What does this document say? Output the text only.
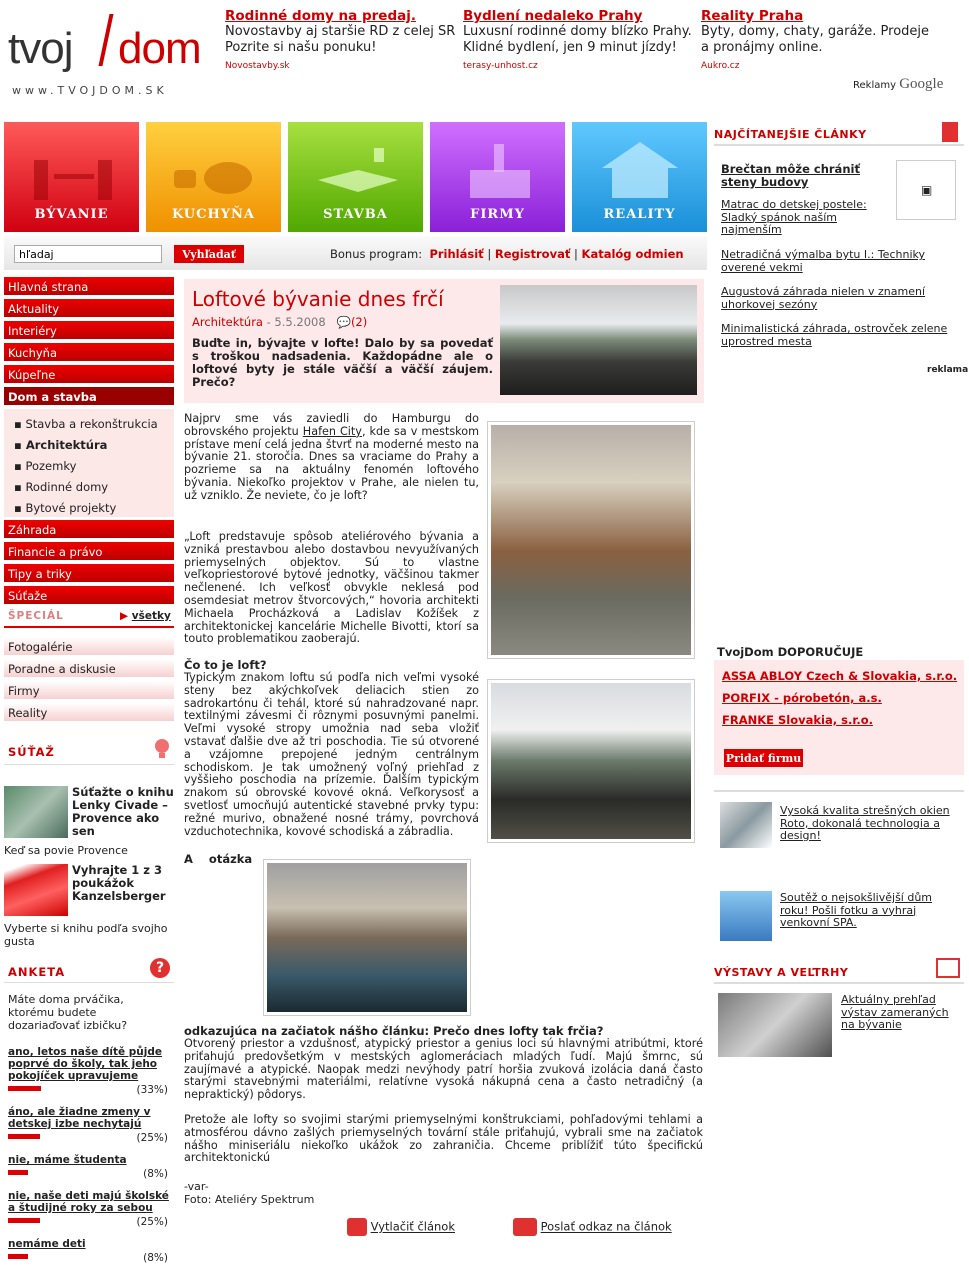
tvoj dom
www.TVOJDOM.SK
Rodinné domy na predaj.
Novostavby aj staršie RD z celej SR
Pozrite si našu ponuku!
Novostavby.sk
Bydlení nedaleko Prahy
Luxusní rodinné domy blízko Prahy.
Klidné bydlení, jen 9 minut jízdy!
terasy-unhost.cz
Reality Praha
Byty, domy, chaty, garáže. Prodeje
a pronájmy online.
Aukro.cz
Reklamy Google
BÝVANIE	KUCHYŇA	STAVBA	FIRMY	REALITY
hľadaj
Vyhľadať	Bonus program: Prihlásiť | Registrovať | Katalóg odmien
Hlavná strana
Aktuality
Interiéry
Kuchyňa
Kúpeľne
Dom a stavba
▪ Stavba a rekonštrukcia
▪ Architektúra
▪ Pozemky
▪ Rodinné domy
▪ Bytové projekty
Záhrada
Financie a právo
Tipy a triky
Súťaže
ŠPECIÁL	▶ všetky
Fotogalérie
Poradne a diskusie
Firmy
Reality
SÚŤAŽ
Súťažte o knihu Lenky Civade – Provence ako sen
Keď sa povie Provence
Vyhrajte 1 z 3 poukážok Kanzelsberger
Vyberte si knihu podľa svojho gusta
ANKETA	?
Máte doma prváčika, ktorému budete dozariaďovať izbičku?
ano, letos naše dítě půjde poprvé do školy, tak jeho pokojíček upravujeme
(33%)
áno, ale žiadne zmeny v detskej izbe nechytajú
(25%)
nie, máme študenta
(8%)
nie, naše deti majú školské a študijné roky za sebou
(25%)
nemáme deti
(8%)
Loftové bývanie dnes frčí
Architektúra - 5.5.2008 💬(2)
Buďte in, bývajte v lofte! Dalo by sa povedať s troškou nadsadenia. Každopádne ale o loftové byty je stále väčší a väčší záujem. Prečo?
Najprv sme vás zaviedli do Hamburgu do obrovského projektu Hafen City, kde sa v mestskom prístave mení celá jedna štvrť na moderné mesto na bývanie 21. storočia. Dnes sa vraciame do Prahy a pozrieme sa na aktuálny fenomén loftového bývania. Niekoľko projektov v Prahe, ale nielen tu, už vzniklo. Že neviete, čo je loft?
„Loft predstavuje spôsob ateliérového bývania a vzniká prestavbou alebo dostavbou nevyužívaných priemyselných objektov. Sú to vlastne veľkopriestorové bytové jednotky, väčšinou takmer nečlenené. Ich veľkosť obvykle neklesá pod osemdesiat metrov štvorcových,“ hovoria architekti Michaela Procházková a Ladislav Kožíšek z architektonickej kancelárie Michelle Bivotti, ktorí sa touto problematikou zaoberajú.
Čo to je loft?
Typickým znakom loftu sú podľa nich veľmi vysoké steny bez akýchkoľvek deliacich stien zo sadrokartónu či tehál, ktoré sú nahradzované napr. textilnými závesmi či rôznymi posuvnými panelmi. Veľmi vysoké stropy umožnia nad seba vložiť vstavať ďalšie dve až tri poschodia. Tie sú otvorené a vzájomne prepojené jedným centrálnym schodiskom. Je tak umožnený voľný priehľad z vyššieho poschodia na prízemie. Ďalším typickým znakom sú obrovské kovové okná. Veľkorysosť a svetlosť umocňujú autentické stavebné prvky typu: režné murivo, obnažené nosné trámy, povrchová vzduchotechnika, kovové schodiská a zábradlia.
A otázka
odkazujúca na začiatok nášho článku: Prečo dnes lofty tak frčia?
Otvorený priestor a vzdušnosť, atypický priestor a genius loci sú hlavnými atribútmi, ktoré priťahujú predovšetkým v mestských aglomeráciach mladých ľudí. Majú šmrnc, sú zaujímavé a atypické. Naopak medzi nevýhody patrí horšia zvuková izolácia daná často starými stavebnými materiálmi, relatívne vysoká nákupná cena a často netradičný (a nepraktický) pôdorys.
Pretože ale lofty so svojimi starými priemyselnými konštrukciami, pohľadovými tehlami a atmosférou dávno zašlých priemyselných tovární stále priťahujú, vybrali sme na začiatok nášho miniseriálu niekoľko ukážok zo zahraničia. Chceme priblížiť túto špecifickú architektonickú
-var-
Foto: Ateliéry Spektrum
Vytlačiť článok	Poslať odkaz na článok
NAJČÍTANEJŠIE ČLÁNKY
Brečtan môže chrániť steny budovy
▣
Matrac do detskej postele: Sladký spánok naším najmenším
Netradičná výmalba bytu I.: Techniky overené vekmi
Augustová záhrada nielen v znamení uhorkovej sezóny
Minimalistická záhrada, ostrovček zelene uprostred mesta
reklama
TvojDom DOPORUČUJE
ASSA ABLOY Czech & Slovakia, s.r.o.
PORFIX - pórobetón, a.s.
FRANKE Slovakia, s.r.o.
Pridať firmu
Vysoká kvalita strešných okien Roto, dokonalá technologia a design!
Soutěž o nejsokšlivější dům roku! Pošli fotku a vyhraj venkovní SPA.
VÝSTAVY A VEĽTRHY
Aktuálny prehľad výstav zameraných na bývanie
